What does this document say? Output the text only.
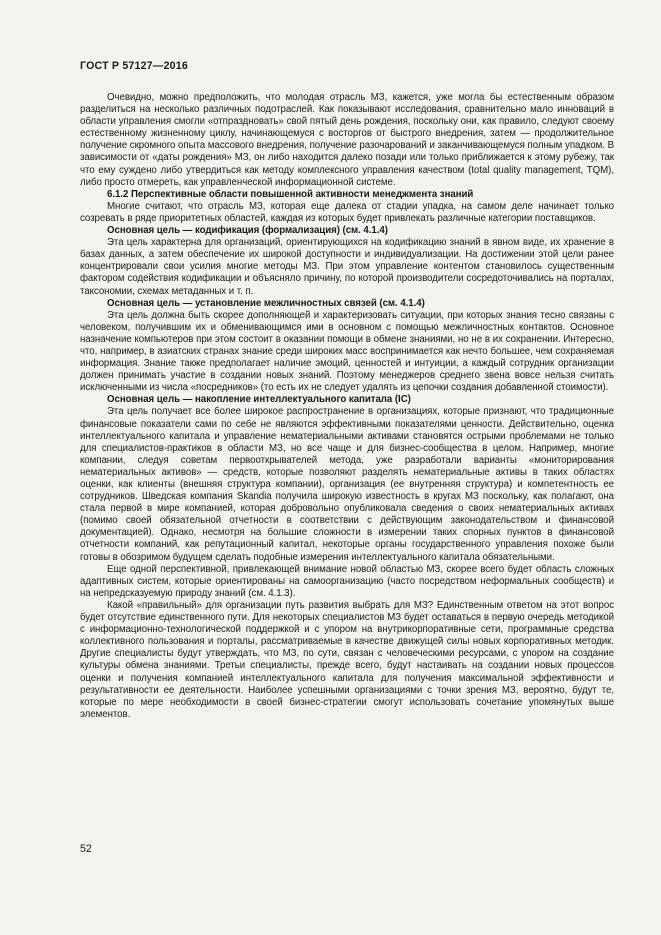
ГОСТ Р 57127—2016

Очевидно, можно предположить, что молодая отрасль МЗ, кажется, уже могла бы естественным образом разделиться на несколько различных подотраслей. Как показывают исследования, сравнительно мало инноваций в области управления смогли «отпраздновать» свой пятый день рождения, поскольку они, как правило, следуют своему естественному жизненному циклу, начинающемуся с восторгов от быстрого внедрения, затем — продолжительное получение скромного опыта массового внедрения, получение разочарований и заканчивающемуся полным упадком. В зависимости от «даты рождения» МЗ, он либо находится далеко позади или только приближается к этому рубежу, так что ему суждено либо утвердиться как методу комплексного управления качеством (total quality management, TQM), либо просто отмереть, как управленческой информационной системе.

6.1.2 Перспективные области повышенной активности менеджмента знаний

Многие считают, что отрасль МЗ, которая еще далека от стадии упадка, на самом деле начинает только созревать в ряде приоритетных областей, каждая из которых будет привлекать различные категории поставщиков.

Основная цель — кодификация (формализация) (см. 4.1.4)

Эта цель характерна для организаций, ориентирующихся на кодификацию знаний в явном виде, их хранение в базах данных, а затем обеспечение их широкой доступности и индивидуализации. На достижении этой цели ранее концентрировали свои усилия многие методы МЗ. При этом управление контентом становилось существенным фактором содействия кодификации и объясняло причину, по которой производители сосредоточивались на порталах, таксономии, схемах метаданных и т. п.

Основная цель — установление межличностных связей (см. 4.1.4)

Эта цель должна быть скорее дополняющей и характеризовать ситуации, при которых знания тесно связаны с человеком, получившим их и обменивающимся ими в основном с помощью межличностных контактов. Основное назначение компьютеров при этом состоит в оказании помощи в обмене знаниями, но не в их сохранении. Интересно, что, например, в азиатских странах знание среди широких масс воспринимается как нечто большее, чем сохраняемая информация. Знание также предполагает наличие эмоций, ценностей и интуиции, а каждый сотрудник организации должен принимать участие в создании новых знаний. Поэтому менеджеров среднего звена вовсе нельзя считать исключенными из числа «посредников» (то есть их не следует удалять из цепочки создания добавленной стоимости).

Основная цель — накопление интеллектуального капитала (IC)

Эта цель получает все более широкое распространение в организациях, которые признают, что традиционные финансовые показатели сами по себе не являются эффективными показателями ценности. Действительно, оценка интеллектуального капитала и управление нематериальными активами становятся острыми проблемами не только для специалистов-практиков в области МЗ, но все чаще и для бизнес-сообщества в целом. Например, многие компании, следуя советам первооткрывателей метода, уже разработали варианты «мониторирования нематериальных активов» — средств, которые позволяют разделять нематериальные активы в таких областях оценки, как клиенты (внешняя структура компании), организация (ее внутренняя структура) и компетентность ее сотрудников. Шведская компания Skandia получила широкую известность в кругах МЗ поскольку, как полагают, она стала первой в мире компанией, которая добровольно опубликовала сведения о своих нематериальных активах (помимо своей обязательной отчетности в соответствии с действующим законодательством и финансовой документацией). Однако, несмотря на большие сложности в измерении таких спорных пунктов в финансовой отчетности компаний, как репутационный капитал, некоторые органы государственного управления похоже были готовы в обозримом будущем сделать подобные измерения интеллектуального капитала обязательными.

Еще одной перспективной, привлекающей внимание новой областью МЗ, скорее всего будет область сложных адаптивных систем, которые ориентированы на самоорганизацию (часто посредством неформальных сообществ) и на непредсказуемую природу знаний (см. 4.1.3).

Какой «правильный» для организации путь развития выбрать для МЗ? Единственным ответом на этот вопрос будет отсутствие единственного пути. Для некоторых специалистов МЗ будет оставаться в первую очередь методикой с информационно-технологической поддержкой и с упором на внутрикорпоративные сети, программные средства коллективного пользования и порталы, рассматриваемые в качестве движущей силы новых корпоративных методик. Другие специалисты будут утверждать, что МЗ, по сути, связан с человеческими ресурсами, с упором на создание культуры обмена знаниями. Третьи специалисты, прежде всего, будут настаивать на создании новых процессов оценки и получения компанией интеллектуального капитала для получения максимальной эффективности и результативности ее деятельности. Наиболее успешными организациями с точки зрения МЗ, вероятно, будут те, которые по мере необходимости в своей бизнес-стратегии смогут использовать сочетание упомянутых выше элементов.

52
